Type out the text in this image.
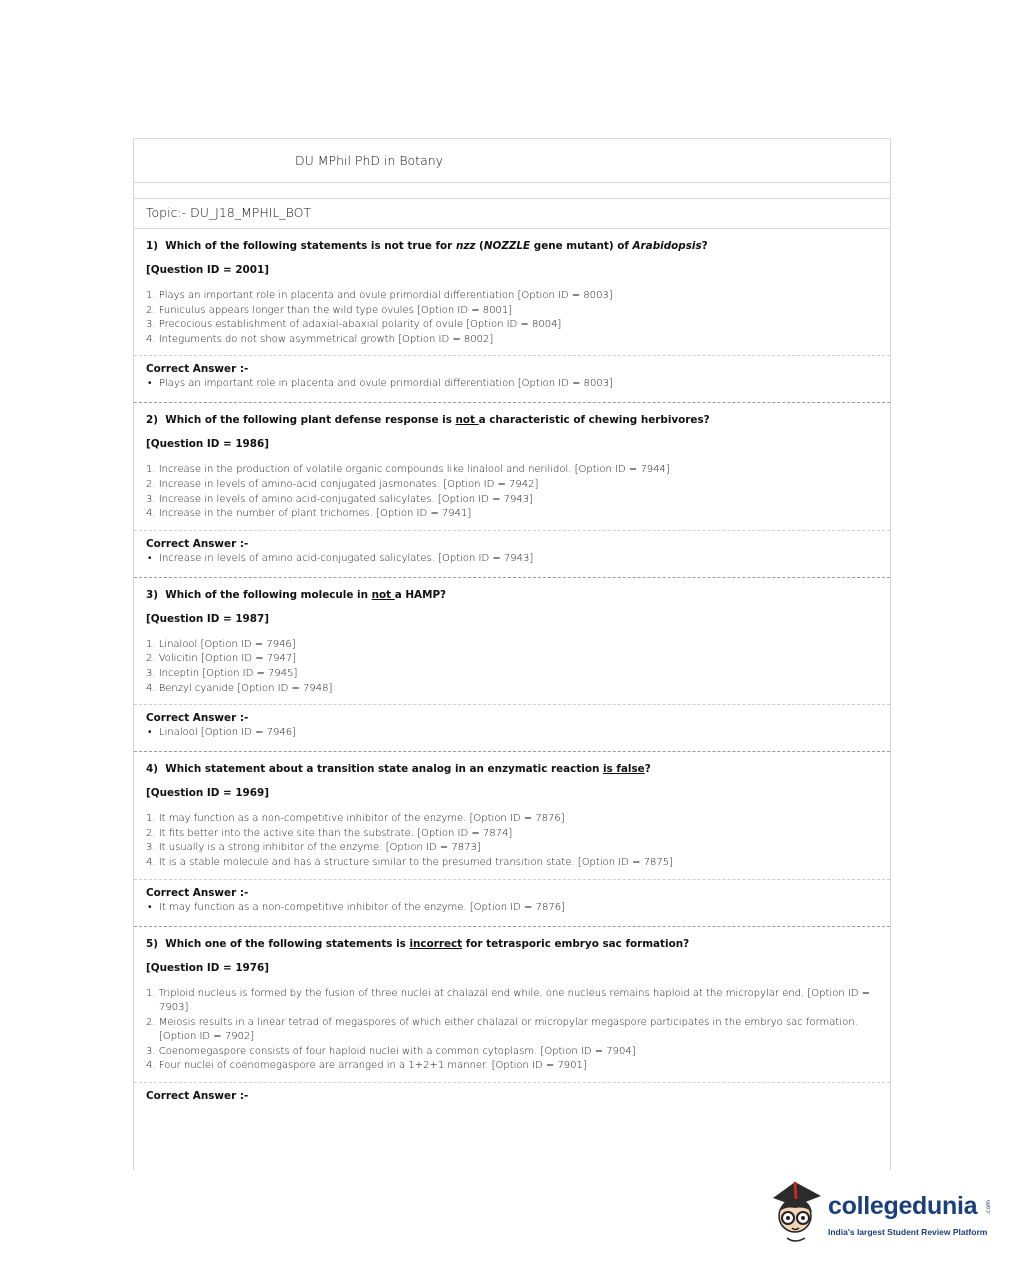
DU MPhil PhD in Botany
Topic:- DU_J18_MPHIL_BOT

1) Which of the following statements is not true for nzz (NOZZLE gene mutant) of Arabidopsis?

[Question ID = 2001]

1. Plays an important role in placenta and ovule primordial differentiation [Option ID = 8003]
2. Funiculus appears longer than the wild type ovules [Option ID = 8001]
3. Precocious establishment of adaxial-abaxial polarity of ovule [Option ID = 8004]
4. Integuments do not show asymmetrical growth [Option ID = 8002]
Correct Answer :-
• Plays an important role in placenta and ovule primordial differentiation [Option ID = 8003]

2) Which of the following plant defense response is not a characteristic of chewing herbivores?

[Question ID = 1986]

1. Increase in the production of volatile organic compounds like linalool and nerilidol. [Option ID = 7944]
2. Increase in levels of amino-acid conjugated jasmonates. [Option ID = 7942]
3. Increase in levels of amino acid-conjugated salicylates. [Option ID = 7943]
4. Increase in the number of plant trichomes. [Option ID = 7941]
Correct Answer :-
• Increase in levels of amino acid-conjugated salicylates. [Option ID = 7943]

3) Which of the following molecule in not a HAMP?

[Question ID = 1987]

1. Linalool [Option ID = 7946]
2. Volicitin [Option ID = 7947]
3. Inceptin [Option ID = 7945]
4. Benzyl cyanide [Option ID = 7948]
Correct Answer :-
• Linalool [Option ID = 7946]

4) Which statement about a transition state analog in an enzymatic reaction is false?

[Question ID = 1969]

1. It may function as a non-competitive inhibitor of the enzyme. [Option ID = 7876]
2. It fits better into the active site than the substrate. [Option ID = 7874]
3. It usually is a strong inhibitor of the enzyme. [Option ID = 7873]
4. It is a stable molecule and has a structure similar to the presumed transition state. [Option ID = 7875]
Correct Answer :-
• It may function as a non-competitive inhibitor of the enzyme. [Option ID = 7876]

5) Which one of the following statements is incorrect for tetrasporic embryo sac formation?

[Question ID = 1976]

1. Triploid nucleus is formed by the fusion of three nuclei at chalazal end while, one nucleus remains haploid at the micropylar end. [Option ID = 7903]
2. Meiosis results in a linear tetrad of megaspores of which either chalazal or micropylar megaspore participates in the embryo sac formation. [Option ID = 7902]
3. Coenomegaspore consists of four haploid nuclei with a common cytoplasm. [Option ID = 7904]
4. Four nuclei of coenomegaspore are arranged in a 1+2+1 manner. [Option ID = 7901]
Correct Answer :-
collegedunia .com
India's largest Student Review Platform
